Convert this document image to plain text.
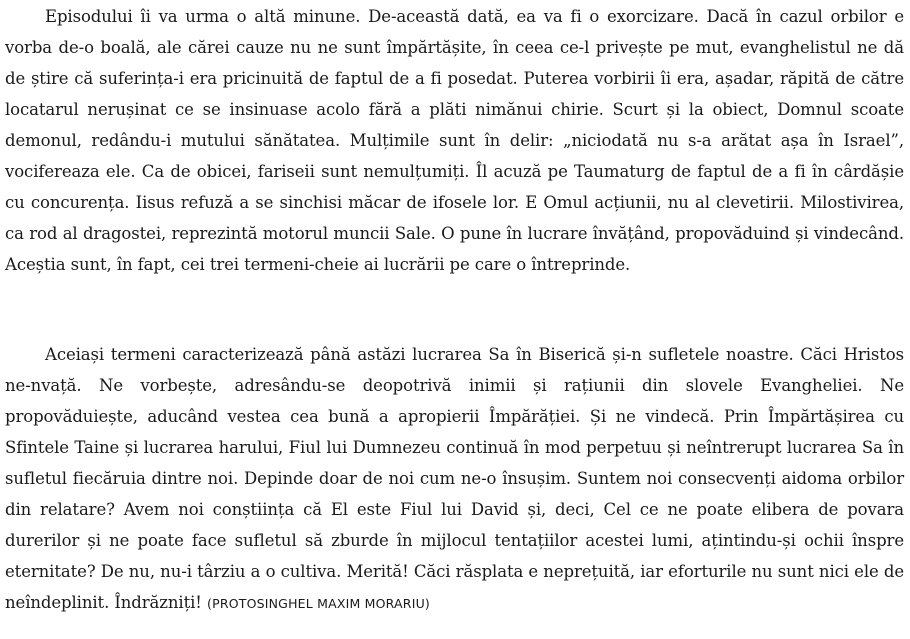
Episodului îi va urma o altă minune. De-această dată, ea va fi o exorcizare. Dacă în cazul orbilor e vorba de-o boală, ale cărei cauze nu ne sunt împărtășite, în ceea ce-l privește pe mut, evanghelistul ne dă de știre că suferința-i era pricinuită de faptul de a fi posedat. Puterea vorbirii îi era, așadar, răpită de către locatarul nerușinat ce se insinuase acolo fără a plăti nimănui chirie. Scurt și la obiect, Domnul scoate demonul, redându-i mutului sănătatea. Mulțimile sunt în delir: „niciodată nu s-a arătat așa în Israel”, vocifereaza ele. Ca de obicei, fariseii sunt nemulțumiți. Îl acuză pe Taumaturg de faptul de a fi în cârdășie cu concurența. Iisus refuză a se sinchisi măcar de ifosele lor. E Omul acțiunii, nu al clevetirii. Milostivirea, ca rod al dragostei, reprezintă motorul muncii Sale. O pune în lucrare învățând, propovăduind și vindecând. Aceștia sunt, în fapt, cei trei termeni-cheie ai lucrării pe care o întreprinde.

Aceiași termeni caracterizează până astăzi lucrarea Sa în Biserică și-n sufletele noastre. Căci Hristos ne-nvață. Ne vorbește, adresându-se deopotrivă inimii și rațiunii din slovele Evangheliei. Ne propovăduiește, aducând vestea cea bună a apropierii Împărăției. Și ne vindecă. Prin Împărtășirea cu Sfintele Taine și lucrarea harului, Fiul lui Dumnezeu continuă în mod perpetuu și neîntrerupt lucrarea Sa în sufletul fiecăruia dintre noi. Depinde doar de noi cum ne-o însușim. Suntem noi consecvenți aidoma orbilor din relatare? Avem noi conștiința că El este Fiul lui David și, deci, Cel ce ne poate elibera de povara durerilor și ne poate face sufletul să zburde în mijlocul tentațiilor acestei lumi, ațintindu-și ochii înspre eternitate? De nu, nu-i târziu a o cultiva. Merită! Căci răsplata e neprețuită, iar eforturile nu sunt nici ele de neîndeplinit. Îndrăzniți! (PROTOSINGHEL MAXIM MORARIU)
